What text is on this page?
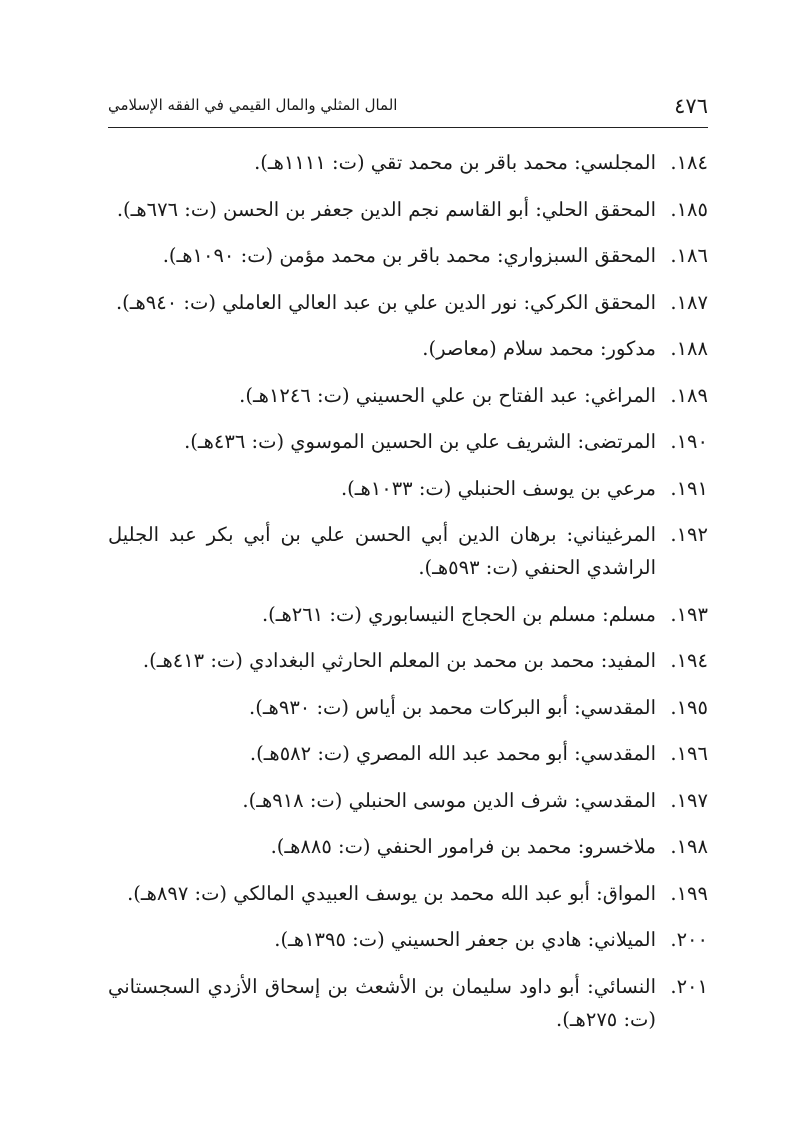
المال المثلي والمال القيمي في الفقه الإسلامي	٤٧٦
١٨٤.
المجلسي: محمد باقر بن محمد تقي (ت: ١١١١هـ).
١٨٥.
المحقق الحلي: أبو القاسم نجم الدين جعفر بن الحسن (ت: ٦٧٦هـ).
١٨٦.
المحقق السبزواري: محمد باقر بن محمد مؤمن (ت: ١٠٩٠هـ).
١٨٧.
المحقق الكركي: نور الدين علي بن عبد العالي العاملي (ت: ٩٤٠هـ).
١٨٨.
مدكور: محمد سلام (معاصر).
١٨٩.
المراغي: عبد الفتاح بن علي الحسيني (ت: ١٢٤٦هـ).
١٩٠.
المرتضى: الشريف علي بن الحسين الموسوي (ت: ٤٣٦هـ).
١٩١.
مرعي بن يوسف الحنبلي (ت: ١٠٣٣هـ).
١٩٢.
المرغيناني: برهان الدين أبي الحسن علي بن أبي بكر عبد الجليل الراشدي الحنفي (ت: ٥٩٣هـ).
١٩٣.
مسلم: مسلم بن الحجاج النيسابوري (ت: ٢٦١هـ).
١٩٤.
المفيد: محمد بن محمد بن المعلم الحارثي البغدادي (ت: ٤١٣هـ).
١٩٥.
المقدسي: أبو البركات محمد بن أياس (ت: ٩٣٠هـ).
١٩٦.
المقدسي: أبو محمد عبد الله المصري (ت: ٥٨٢هـ).
١٩٧.
المقدسي: شرف الدين موسى الحنبلي (ت: ٩١٨هـ).
١٩٨.
ملاخسرو: محمد بن فرامور الحنفي (ت: ٨٨٥هـ).
١٩٩.
المواق: أبو عبد الله محمد بن يوسف العبيدي المالكي (ت: ٨٩٧هـ).
٢٠٠.
الميلاني: هادي بن جعفر الحسيني (ت: ١٣٩٥هـ).
٢٠١.
النسائي: أبو داود سليمان بن الأشعث بن إسحاق الأزدي السجستاني (ت: ٢٧٥هـ).
